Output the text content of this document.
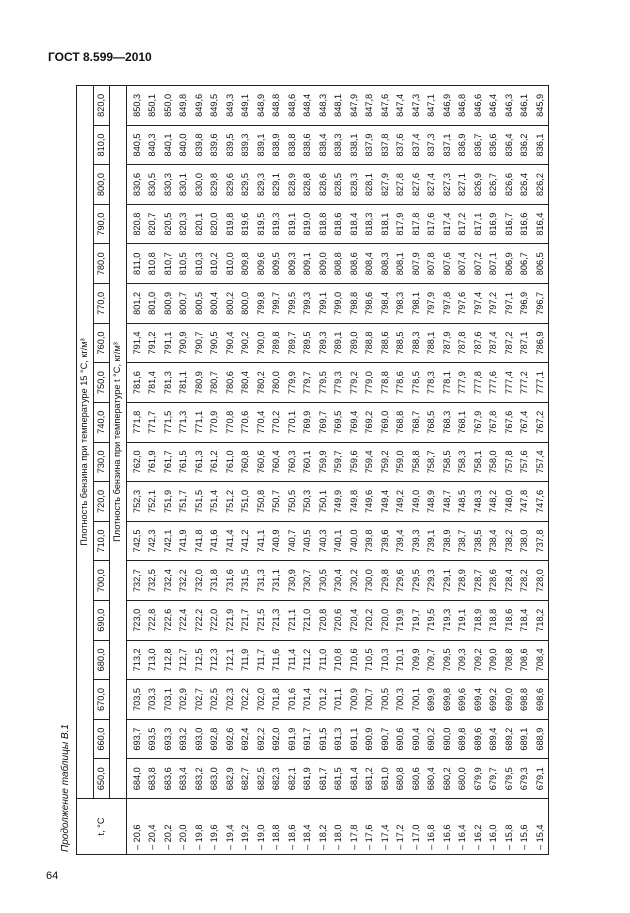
ГОСТ 8.599—2010
64
Продолжение таблицы В.1	t, °С	Плотность бензина при температуре 15 °С, кг/м³																	
	650,0	660,0	670,0	680,0	690,0	700,0	710,0	720,0	730,0	740,0	750,0	760,0	770,0	780,0	790,0	800,0	810,0	820,0
	Плотность бензина при температуре t °С, кг/м³																	
– 20,6	684,0	693,7	703,5	713,2	723,0	732,7	742,5	752,3	762,0	771,8	781,6	791,4	801,2	811,0	820,8	830,6	840,5	850,3
– 20,4	683,8	693,5	703,3	713,0	722,8	732,5	742,3	752,1	761,9	771,7	781,4	791,2	801,0	810,8	820,7	830,5	840,3	850,1
– 20,2	683,6	693,3	703,1	712,8	722,6	732,4	742,1	751,9	761,7	771,5	781,3	791,1	800,9	810,7	820,5	830,3	840,1	850,0
– 20,0	683,4	693,2	702,9	712,7	722,4	732,2	741,9	751,7	761,5	771,3	781,1	790,9	800,7	810,5	820,3	830,1	840,0	849,8
– 19,8	683,2	693,0	702,7	712,5	722,2	732,0	741,8	751,5	761,3	771,1	780,9	790,7	800,5	810,3	820,1	830,0	839,8	849,6
– 19,6	683,0	692,8	702,5	712,3	722,0	731,8	741,6	751,4	761,2	770,9	780,7	790,5	800,4	810,2	820,0	829,8	839,6	849,5
– 19,4	682,9	692,6	702,3	712,1	721,9	731,6	741,4	751,2	761,0	770,8	780,6	790,4	800,2	810,0	819,8	829,6	839,5	849,3
– 19,2	682,7	692,4	702,2	711,9	721,7	731,5	741,2	751,0	760,8	770,6	780,4	790,2	800,0	809,8	819,6	829,5	839,3	849,1
– 19,0	682,5	692,2	702,0	711,7	721,5	731,3	741,1	750,8	760,6	770,4	780,2	790,0	799,8	809,6	819,5	829,3	839,1	848,9
– 18,8	682,3	692,0	701,8	711,6	721,3	731,1	740,9	750,7	760,4	770,2	780,0	789,8	799,7	809,5	819,3	829,1	838,9	848,8
– 18,6	682,1	691,9	701,6	711,4	721,1	730,9	740,7	750,5	760,3	770,1	779,9	789,7	799,5	809,3	819,1	828,9	838,8	848,6
– 18,4	681,9	691,7	701,4	711,2	721,0	730,7	740,5	750,3	760,1	769,9	779,7	789,5	799,3	809,1	819,0	828,8	838,6	848,4
– 18,2	681,7	691,5	701,2	711,0	720,8	730,5	740,3	750,1	759,9	769,7	779,5	789,3	799,1	809,0	818,8	828,6	838,4	848,3
– 18,0	681,5	691,3	701,1	710,8	720,6	730,4	740,1	749,9	759,7	769,5	779,3	789,1	799,0	808,8	818,6	828,5	838,3	848,1
– 17,8	681,4	691,1	700,9	710,6	720,4	730,2	740,0	749,8	759,6	769,4	779,2	789,0	798,8	808,6	818,4	828,3	838,1	847,9
– 17,6	681,2	690,9	700,7	710,5	720,2	730,0	739,8	749,6	759,4	769,2	779,0	788,8	798,6	808,4	818,3	828,1	837,9	847,8
– 17,4	681,0	690,7	700,5	710,3	720,0	729,8	739,6	749,4	759,2	769,0	778,8	788,6	798,4	808,3	818,1	827,9	837,8	847,6
– 17,2	680,8	690,6	700,3	710,1	719,9	729,6	739,4	749,2	759,0	768,8	778,6	788,5	798,3	808,1	817,9	827,8	837,6	847,4
– 17,0	680,6	690,4	700,1	709,9	719,7	729,5	739,3	749,0	758,8	768,7	778,5	788,3	798,1	807,9	817,8	827,6	837,4	847,3
– 16,8	680,4	690,2	699,9	709,7	719,5	729,3	739,1	748,9	758,7	768,5	778,3	788,1	797,9	807,8	817,6	827,4	837,3	847,1
– 16,6	680,2	690,0	699,8	709,5	719,3	729,1	738,9	748,7	758,5	768,3	778,1	787,9	797,8	807,6	817,4	827,3	837,1	846,9
– 16,4	680,0	689,8	699,6	709,3	719,1	728,9	738,7	748,5	758,3	768,1	777,9	787,8	797,6	807,4	817,2	827,1	836,9	846,8
– 16,2	679,9	689,6	699,4	709,2	718,9	728,7	738,5	748,3	758,1	767,9	777,8	787,6	797,4	807,2	817,1	826,9	836,7	846,6
– 16,0	679,7	689,4	699,2	709,0	718,8	728,6	738,4	748,2	758,0	767,8	777,6	787,4	797,2	807,1	816,9	826,7	836,6	846,4
– 15,8	679,5	689,2	699,0	708,8	718,6	728,4	738,2	748,0	757,8	767,6	777,4	787,2	797,1	806,9	816,7	826,6	836,4	846,3
– 15,6	679,3	689,1	698,8	708,6	718,4	728,2	738,0	747,8	757,6	767,4	777,2	787,1	796,9	806,7	816,6	826,4	836,2	846,1
– 15,4	679,1	688,9	698,6	708,4	718,2	728,0	737,8	747,6	757,4	767,2	777,1	786,9	796,7	806,5	816,4	826,2	836,1	845,9
